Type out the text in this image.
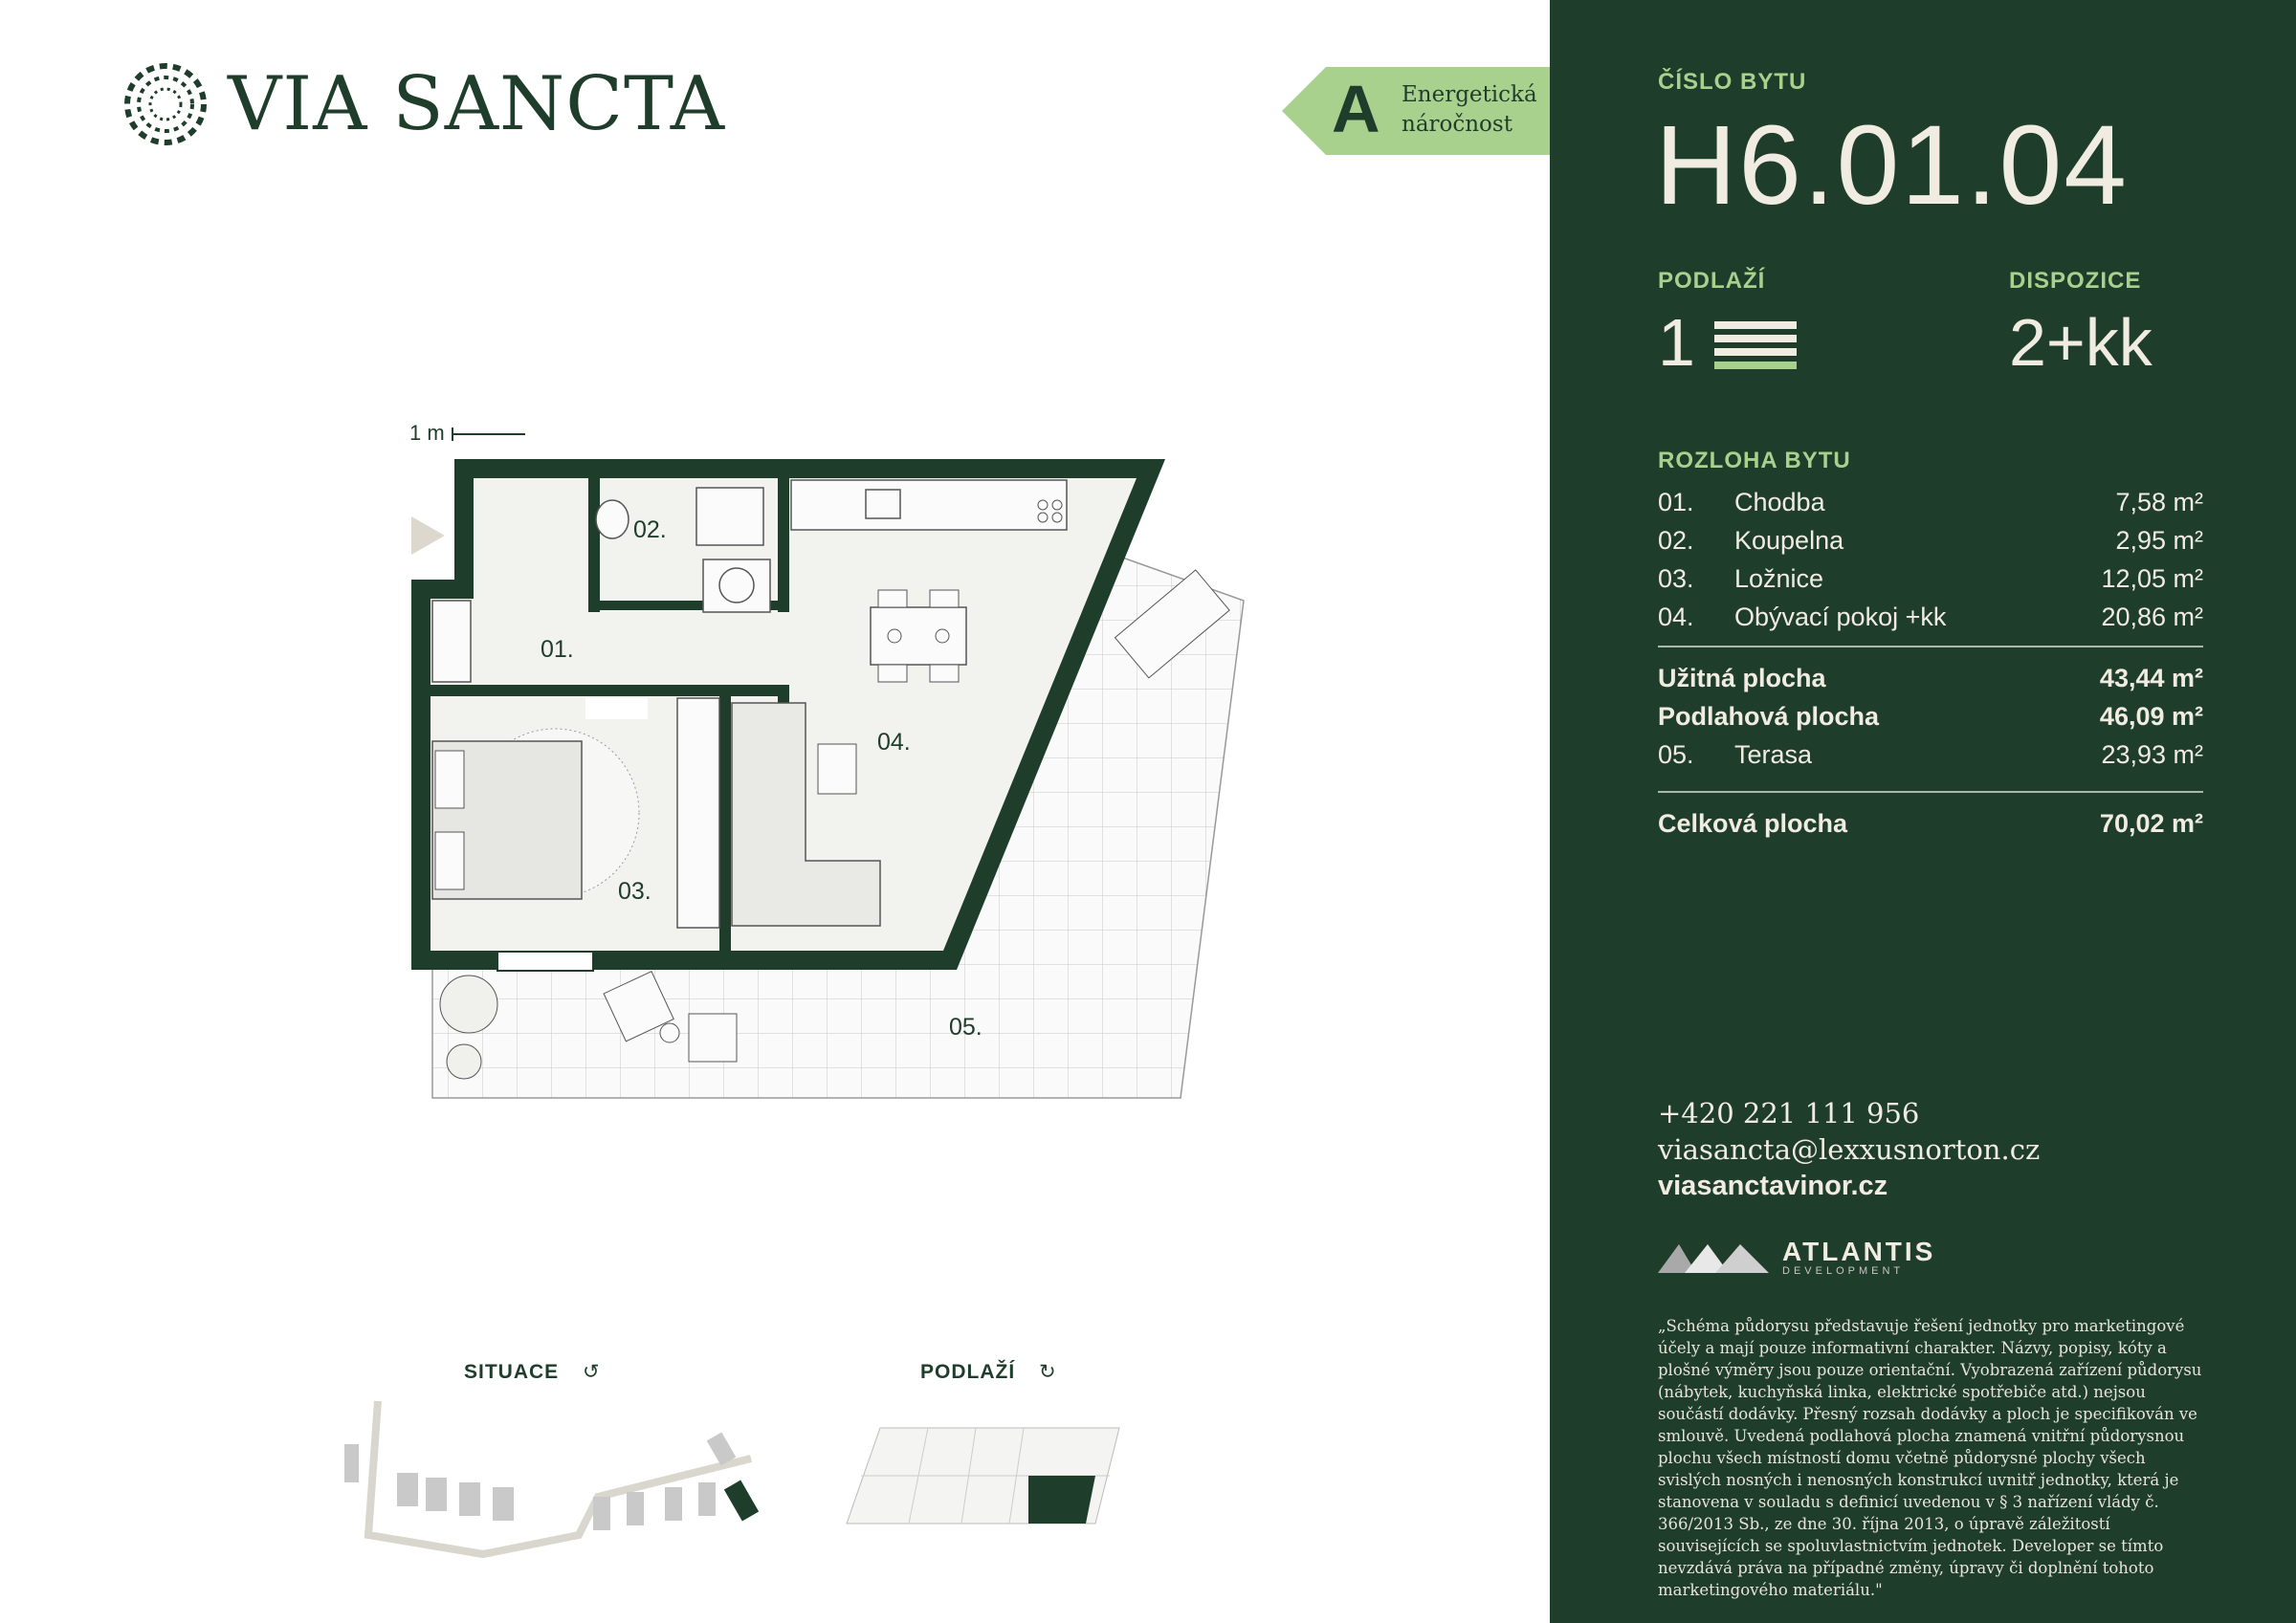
VIA SANCTA	A Energetická
náročnost
1 m
01.
02.
03.
04.
05.
SITUACE ↺	PODLAŽÍ ↻
ČÍSLO BYTU
H6.01.04
PODLAŽÍ
1
DISPOZICE
2+kk
ROZLOHA BYTU
01.	Chodba	7,58 m²
02.	Koupelna	2,95 m²
03.	Ložnice	12,05 m²
04.	Obývací pokoj +kk	20,86 m²
Užitná plocha	43,44 m²
Podlahová plocha	46,09 m²
05.	Terasa	23,93 m²
Celková plocha	70,02 m²
+420 221 111 956
viasancta@lexxusnorton.cz
viasanctavinor.cz
ATLANTIS
DEVELOPMENT
„Schéma půdorysu představuje řešení jednotky pro marketingové účely a mají pouze informativní charakter. Názvy, popisy, kóty a plošné výměry jsou pouze orientační. Vyobrazená zařízení půdorysu (nábytek, kuchyňská linka, elektrické spotřebiče atd.) nejsou součástí dodávky. Přesný rozsah dodávky a ploch je specifikován ve smlouvě. Uvedená podlahová plocha znamená vnitřní půdorysnou plochu všech místností domu včetně půdorysné plochy všech svislých nosných i nenosných konstrukcí uvnitř jednotky, která je stanovena v souladu s definicí uvedenou v § 3 nařízení vlády č. 366/2013 Sb., ze dne 30. října 2013, o úpravě záležitostí souvisejících se spoluvlastnictvím jednotek. Developer se tímto nevzdává práva na případné změny, úpravy či doplnění tohoto marketingového materiálu."
